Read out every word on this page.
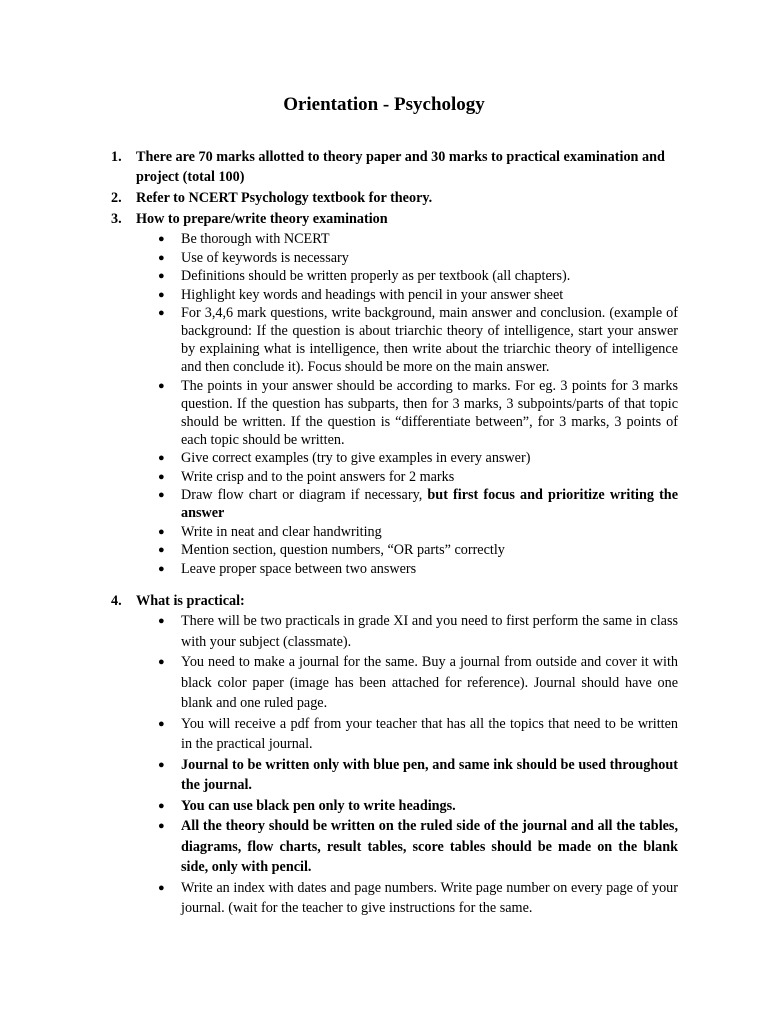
Orientation - Psychology
1.	There are 70 marks allotted to theory paper and 30 marks to practical examination and project (total 100)
2.	Refer to NCERT Psychology textbook for theory.
3.	How to prepare/write theory examination
● Be thorough with NCERT
● Use of keywords is necessary
● Definitions should be written properly as per textbook (all chapters).
● Highlight key words and headings with pencil in your answer sheet
● For 3,4,6 mark questions, write background, main answer and conclusion. (example of background: If the question is about triarchic theory of intelligence, start your answer by explaining what is intelligence, then write about the triarchic theory of intelligence and then conclude it). Focus should be more on the main answer.
● The points in your answer should be according to marks. For eg. 3 points for 3 marks question. If the question has subparts, then for 3 marks, 3 subpoints/parts of that topic should be written. If the question is “differentiate between”, for 3 marks, 3 points of each topic should be written.
● Give correct examples (try to give examples in every answer)
● Write crisp and to the point answers for 2 marks
● Draw flow chart or diagram if necessary, but first focus and prioritize writing the answer
● Write in neat and clear handwriting
● Mention section, question numbers, “OR parts” correctly
● Leave proper space between two answers
4.	What is practical:
● There will be two practicals in grade XI and you need to first perform the same in class with your subject (classmate).
● You need to make a journal for the same. Buy a journal from outside and cover it with black color paper (image has been attached for reference). Journal should have one blank and one ruled page.
● You will receive a pdf from your teacher that has all the topics that need to be written in the practical journal.
● Journal to be written only with blue pen, and same ink should be used throughout the journal.
● You can use black pen only to write headings.
● All the theory should be written on the ruled side of the journal and all the tables, diagrams, flow charts, result tables, score tables should be made on the blank side, only with pencil.
● Write an index with dates and page numbers. Write page number on every page of your journal. (wait for the teacher to give instructions for the same.
